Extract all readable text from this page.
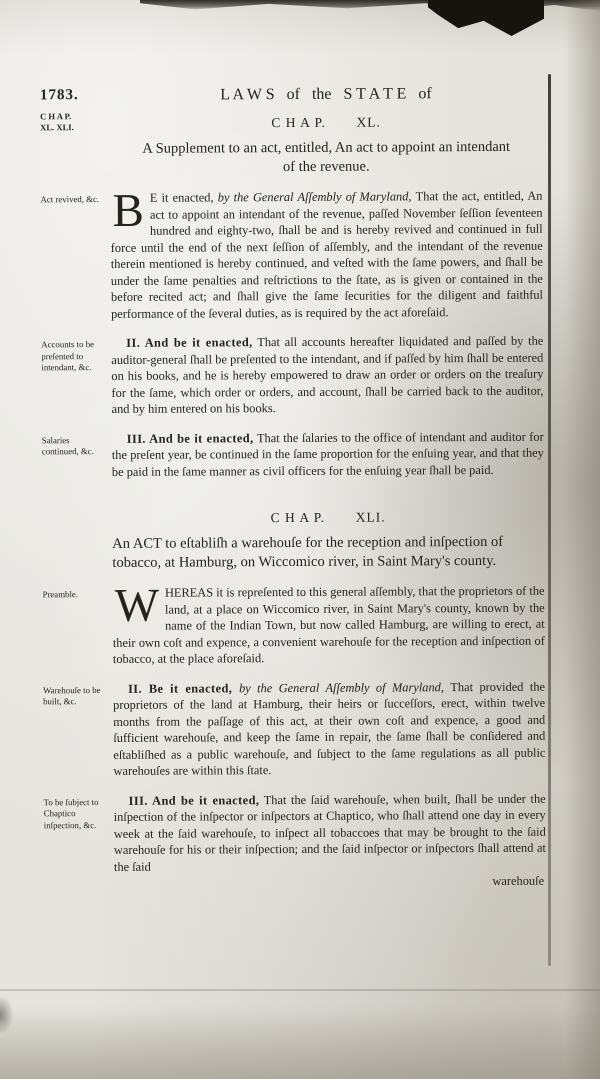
1783.
C H A P.
XL. XLI.
L A W S   of   the   S T A T E   of
C H A P.       XL.
A Supplement to an act, entitled, An act to appoint an intendant of the revenue.
Act revived, &c. B E it enacted, by the General Aſſembly of Maryland, That the act, entitled, An act to appoint an intendant of the revenue, paſſed November ſeſſion ſeventeen hundred and eighty-two, ſhall be and is hereby revived and continued in full force until the end of the next ſeſſion of aſſembly, and the intendant of the revenue therein mentioned is hereby continued, and veſted with the ſame powers, and ſhall be under the ſame penalties and reſtrictions to the ſtate, as is given or contained in the before recited act; and ſhall give the ſame ſecurities for the diligent and faithful performance of the ſeveral duties, as is required by the act aforeſaid.

Accounts to be preſented to intendant, &c.

II. And be it enacted, That all accounts hereafter liquidated and paſſed by the auditor-general ſhall be preſented to the intendant, and if paſſed by him ſhall be entered on his books, and he is hereby empowered to draw an order or orders on the treaſury for the ſame, which order or orders, and account, ſhall be carried back to the auditor, and by him entered on his books.

Salaries continued, &c.

III. And be it enacted, That the ſalaries to the office of intendant and auditor for the preſent year, be continued in the ſame proportion for the enſuing year, and that they be paid in the ſame manner as civil officers for the enſuing year ſhall be paid.

C H A P.       XLI.
An ACT to eſtabliſh a warehouſe for the reception and inſpection of tobacco, at Hamburg, on Wiccomico river, in Saint Mary's county.
Preamble. WHEREAS it is repreſented to this general aſſembly, that the proprietors of the land, at a place on Wiccomico river, in Saint Mary's county, known by the name of the Indian Town, but now called Hamburg, are willing to erect, at their own coſt and expence, a convenient warehouſe for the reception and inſpection of tobacco, at the place aforeſaid.

Warehouſe to be built, &c.

II. Be it enacted, by the General Aſſembly of Maryland, That provided the proprietors of the land at Hamburg, their heirs or ſucceſſors, erect, within twelve months from the paſſage of this act, at their own coſt and expence, a good and ſufficient warehouſe, and keep the ſame in repair, the ſame ſhall be conſidered and eſtabliſhed as a public warehouſe, and ſubject to the ſame regulations as all public warehouſes are within this ſtate.

To be ſubject to Chaptico inſpection, &c.

III. And be it enacted, That the ſaid warehouſe, when built, ſhall be under the inſpection of the inſpector or inſpectors at Chaptico, who ſhall attend one day in every week at the ſaid warehouſe, to inſpect all tobaccoes that may be brought to the ſaid warehouſe for his or their inſpection; and the ſaid inſpector or inſpectors ſhall attend at the ſaid

warehouſe
